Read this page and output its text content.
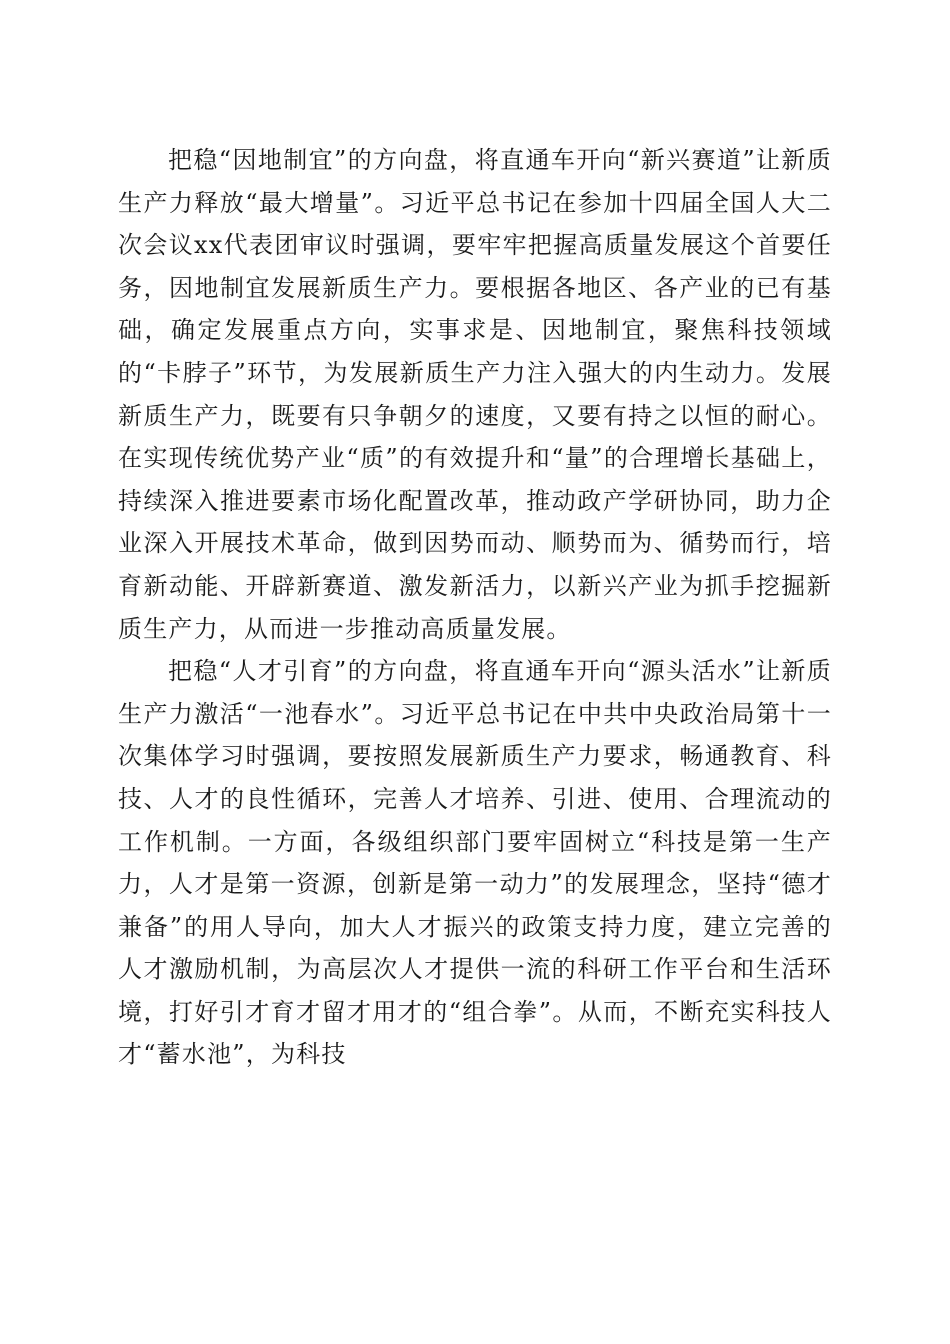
把稳“因地制宜”的方向盘，将直通车开向“新兴赛道”让新质生产力释放“最大增量”。习近平总书记在参加十四届全国人大二次会议xx代表团审议时强调，要牢牢把握高质量发展这个首要任务，因地制宜发展新质生产力。要根据各地区、各产业的已有基础，确定发展重点方向，实事求是、因地制宜，聚焦科技领域的“卡脖子”环节，为发展新质生产力注入强大的内生动力。发展新质生产力，既要有只争朝夕的速度，又要有持之以恒的耐心。在实现传统优势产业“质”的有效提升和“量”的合理增长基础上，持续深入推进要素市场化配置改革，推动政产学研协同，助力企业深入开展技术革命，做到因势而动、顺势而为、循势而行，培育新动能、开辟新赛道、激发新活力，以新兴产业为抓手挖掘新质生产力，从而进一步推动高质量发展。

把稳“人才引育”的方向盘，将直通车开向“源头活水”让新质生产力激活“一池春水”。习近平总书记在中共中央政治局第十一次集体学习时强调，要按照发展新质生产力要求，畅通教育、科技、人才的良性循环，完善人才培养、引进、使用、合理流动的工作机制。一方面，各级组织部门要牢固树立“科技是第一生产力，人才是第一资源，创新是第一动力”的发展理念，坚持“德才兼备”的用人导向，加大人才振兴的政策支持力度，建立完善的人才激励机制，为高层次人才提供一流的科研工作平台和生活环境，打好引才育才留才用才的“组合拳”。从而，不断充实科技人才“蓄水池”，为科技
